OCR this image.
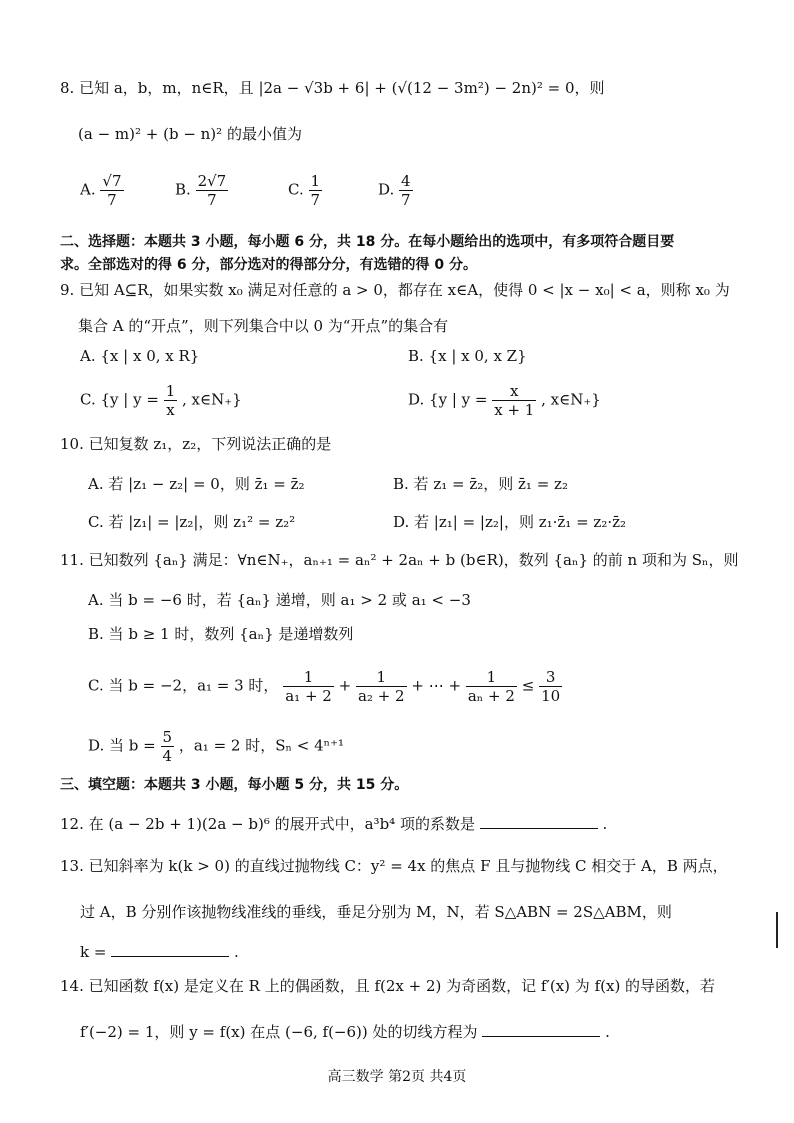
8. 已知 a，b，m，n∈R，且 |2a − √3b + 6| + (√(12 − 3m²) − 2n)² = 0，则
(a − m)² + (b − n)² 的最小值为
A. $\frac{√7}{7}$	B. $\frac{2√7}{7}$	C. $\frac{1}{7}$	D. $\frac{4}{7}$
二、选择题：本题共 3 小题，每小题 6 分，共 18 分。在每小题给出的选项中，有多项符合题目要
求。全部选对的得 6 分，部分选对的得部分分，有选错的得 0 分。
9. 已知 A⊆R，如果实数 x₀ 满足对任意的 a > 0，都存在 x∈A，使得 0 < |x − x₀| < a，则称 x₀ 为
集合 A 的“开点”，则下列集合中以 0 为“开点”的集合有
A. {x | x 0, x R}	B. {x | x 0, x Z}
C. {y | $y = \frac{1}{x}$ , x∈N₊}	D. {y | $y = \frac{x}{x + 1}$ , x∈N₊}
10. 已知复数 z₁，z₂，下列说法正确的是
A. 若 |z₁ − z₂| = 0，则 z̄₁ = z̄₂	B. 若 z₁ = z̄₂，则 z̄₁ = z₂
C. 若 |z₁| = |z₂|，则 z₁² = z₂²	D. 若 |z₁| = |z₂|，则 z₁·z̄₁ = z₂·z̄₂
11. 已知数列 {aₙ} 满足：∀n∈N₊，aₙ₊₁ = aₙ² + 2aₙ + b (b∈R)，数列 {aₙ} 的前 n 项和为 Sₙ，则
A. 当 b = −6 时，若 {aₙ} 递增，则 a₁ > 2 或 a₁ < −3
B. 当 b ≥ 1 时，数列 {aₙ} 是递增数列
C. 当 b = −2，a₁ = 3 时， $\frac{1}{\text{a₁ + 2}} + \frac{1}{\text{a₂ + 2}}$ + ⋯ + $\frac{1}{\text{aₙ + 2}} \le \frac{3}{10}$
D. 当 $b = \frac{5}{4}$ ，a₁ = 2 时，Sₙ < 4ⁿ⁺¹
三、填空题：本题共 3 小题，每小题 5 分，共 15 分。
12. 在 (a − 2b + 1)(2a − b)⁶ 的展开式中，a³b⁴ 项的系数是	.
13. 已知斜率为 k(k > 0) 的直线过抛物线 C：y² = 4x 的焦点 F 且与抛物线 C 相交于 A，B 两点，
过 A，B 分别作该抛物线准线的垂线，垂足分别为 M，N，若 S△ABN = 2S△ABM，则
k =	.
14. 已知函数 f(x) 是定义在 R 上的偶函数，且 f(2x + 2) 为奇函数，记 f′(x) 为 f(x) 的导函数，若
f′(−2) = 1，则 y = f(x) 在点 (−6, f(−6)) 处的切线方程为	.
高三数学 第2页 共4页
